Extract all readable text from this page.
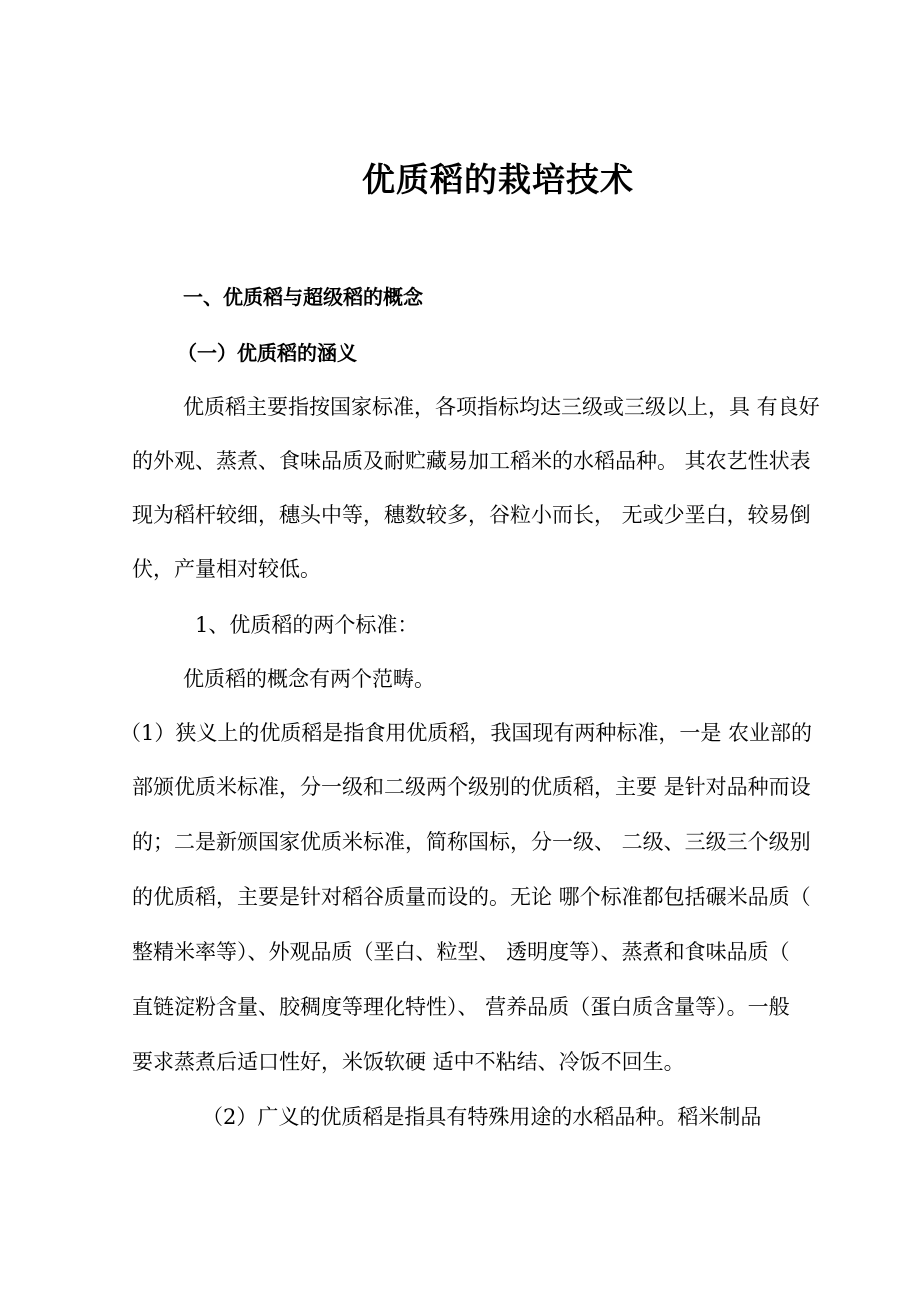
优质稻的栽培技术
一、优质稻与超级稻的概念
（一）优质稻的涵义
优质稻主要指按国家标准，各项指标均达三级或三级以上，具 有良好
的外观、蒸煮、食味品质及耐贮藏易加工稻米的水稻品种。 其农艺性状表
现为稻杆较细，穗头中等，穗数较多，谷粒小而长， 无或少垩白，较易倒
伏，产量相对较低。
1、优质稻的两个标准：
优质稻的概念有两个范畴。
（1）狭义上的优质稻是指食用优质稻，我国现有两种标准，一是 农业部的
部颁优质米标准，分一级和二级两个级别的优质稻，主要 是针对品种而设
的；二是新颁国家优质米标准，简称国标，分一级、 二级、三级三个级别
的优质稻，主要是针对稻谷质量而设的。无论 哪个标准都包括碾米品质（
整精米率等）、外观品质（垩白、粒型、 透明度等）、蒸煮和食味品质（
直链淀粉含量、胶稠度等理化特性）、 营养品质（蛋白质含量等）。一般
要求蒸煮后适口性好，米饭软硬 适中不粘结、冷饭不回生。
（2）广义的优质稻是指具有特殊用途的水稻品种。稻米制品
